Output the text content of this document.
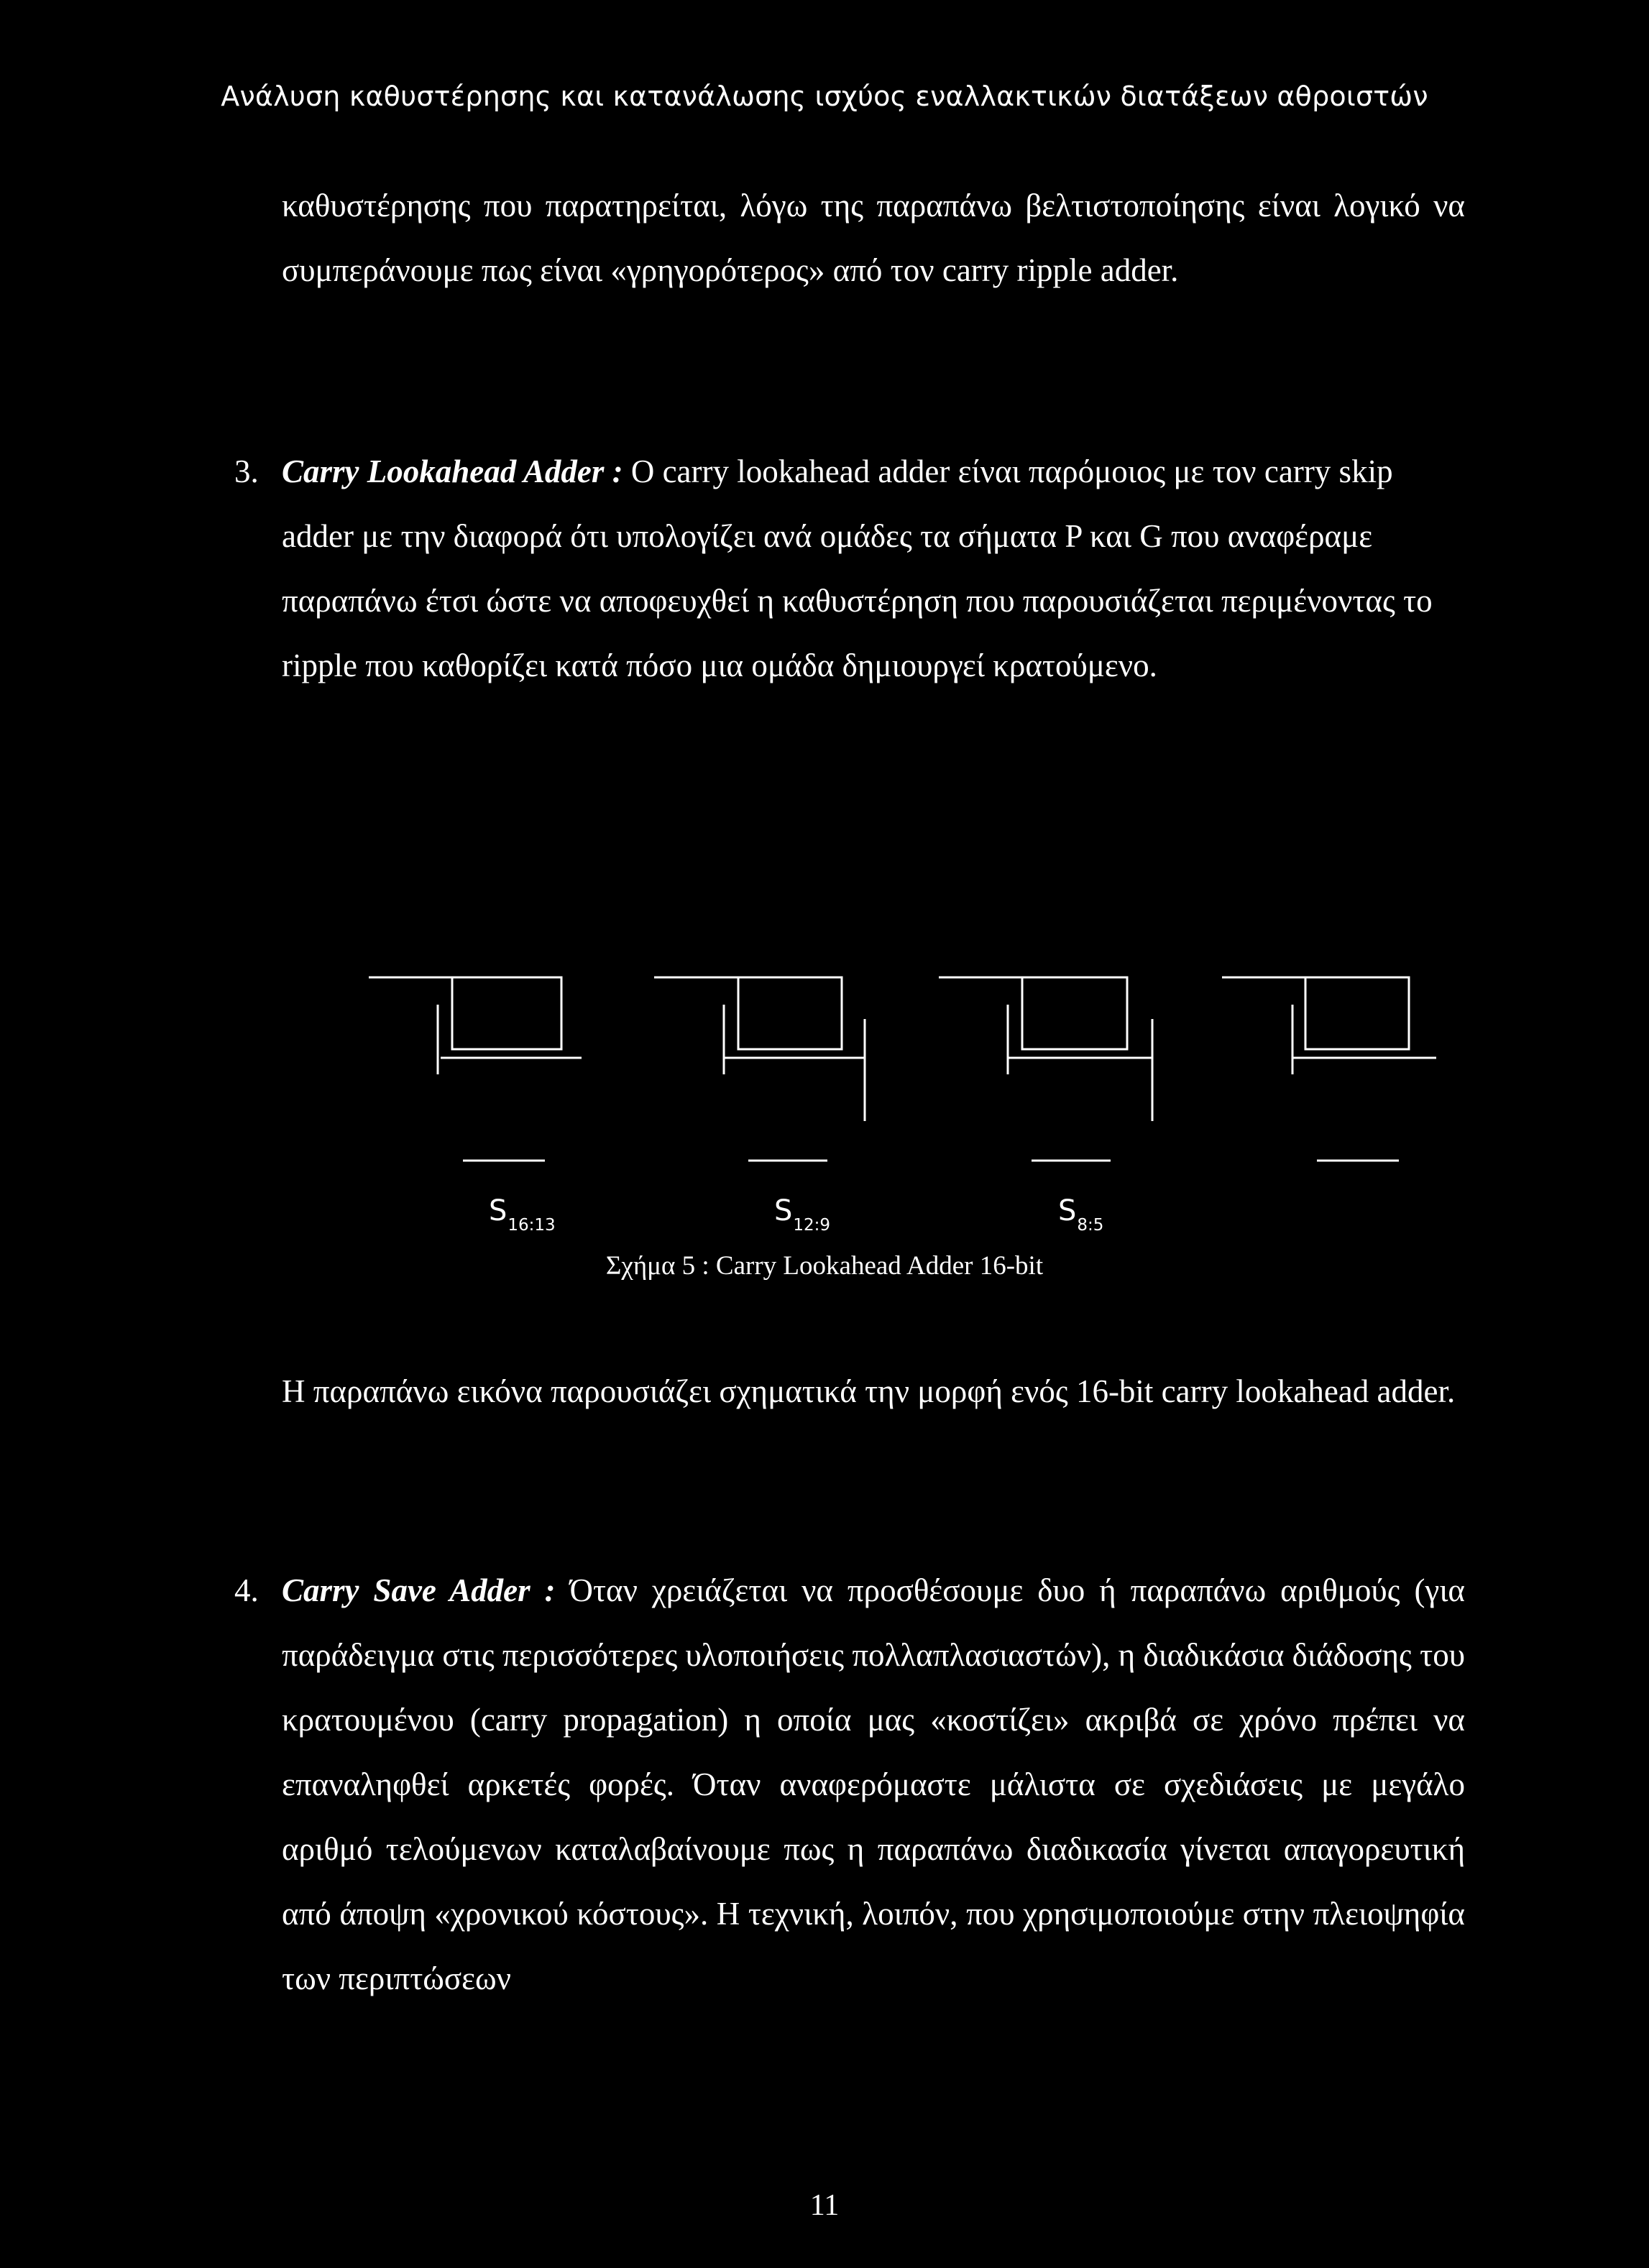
Ανάλυση καθυστέρησης και κατανάλωσης ισχύος εναλλακτικών διατάξεων αθροιστών

καθυστέρησης που παρατηρείται, λόγω της παραπάνω βελτιστοποίησης είναι λογικό να συμπεράνουμε πως είναι «γρηγορότερος» από τον carry ripple adder.

3. Carry Lookahead Adder : Ο carry lookahead adder είναι παρόμοιος με τον carry skip adder με την διαφορά ότι υπολογίζει ανά ομάδες τα σήματα P και G που αναφέραμε παραπάνω έτσι ώστε να αποφευχθεί η καθυστέρηση που παρουσιάζεται περιμένοντας το ripple που καθορίζει κατά πόσο μια ομάδα δημιουργεί κρατούμενο.

$S_{16:13}$	$S_{12:9}$	$S_{8:5}$
Σχήμα 5 : Carry Lookahead Adder 16-bit

Η παραπάνω εικόνα παρουσιάζει σχηματικά την μορφή ενός 16-bit carry lookahead adder.

4. Carry Save Adder : Όταν χρειάζεται να προσθέσουμε δυο ή παραπάνω αριθμούς (για παράδειγμα στις περισσότερες υλοποιήσεις πολλαπλασιαστών), η διαδικάσια διάδοσης του κρατουμένου (carry propagation) η οποία μας «κοστίζει» ακριβά σε χρόνο πρέπει να επαναληφθεί αρκετές φορές. Όταν αναφερόμαστε μάλιστα σε σχεδιάσεις με μεγάλο αριθμό τελούμενων καταλαβαίνουμε πως η παραπάνω διαδικασία γίνεται απαγορευτική από άποψη «χρονικού κόστους». Η τεχνική, λοιπόν, που χρησιμοποιούμε στην πλειοψηφία των περιπτώσεων

11
